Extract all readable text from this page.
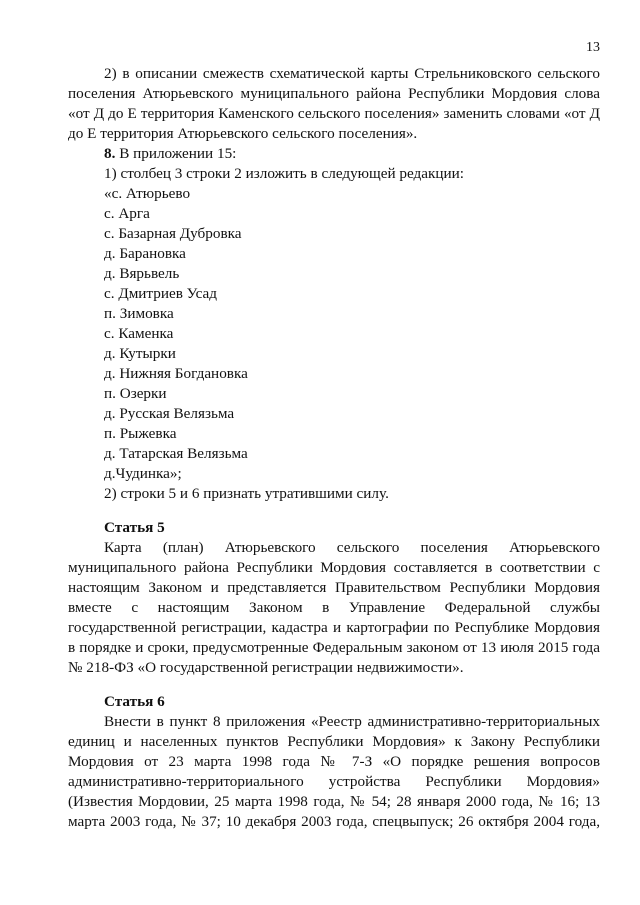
13

2) в описании смежеств схематической карты Стрельниковского сельского поселения Атюрьевского муниципального района Республики Мордовия слова «от Д до Е территория Каменского сельского поселения» заменить словами «от Д до Е территория Атюрьевского сельского поселения».

8. В приложении 15:

1) столбец 3 строки 2 изложить в следующей редакции:

«с. Атюрьево

с. Арга

с. Базарная Дубровка

д. Барановка

д. Вярьвель

с. Дмитриев Усад

п. Зимовка

с. Каменка

д. Кутырки

д. Нижняя Богдановка

п. Озерки

д. Русская Велязьма

п. Рыжевка

д. Татарская Велязьма

д.Чудинка»;

2) строки 5 и 6 признать утратившими силу.

Статья 5

Карта (план) Атюрьевского сельского поселения Атюрьевского

муниципального района Республики Мордовия составляется в соответствии с

настоящим Законом и представляется Правительством Республики Мордовия

вместе с настоящим Законом в Управление Федеральной службы

государственной регистрации, кадастра и картографии по Республике Мордовия

в порядке и сроки, предусмотренные Федеральным законом от 13 июля 2015 года

№ 218-ФЗ «О государственной регистрации недвижимости».

Статья 6

Внести в пункт 8 приложения «Реестр административно-территориальных

единиц и населенных пунктов Республики Мордовия» к Закону Республики

Мордовия от 23 марта 1998 года № 7-З «О порядке решения вопросов

административно-территориального устройства Республики Мордовия»

(Известия Мордовии, 25 марта 1998 года, № 54; 28 января 2000 года, № 16; 13

марта 2003 года, № 37; 10 декабря 2003 года, спецвыпуск; 26 октября 2004 года,
